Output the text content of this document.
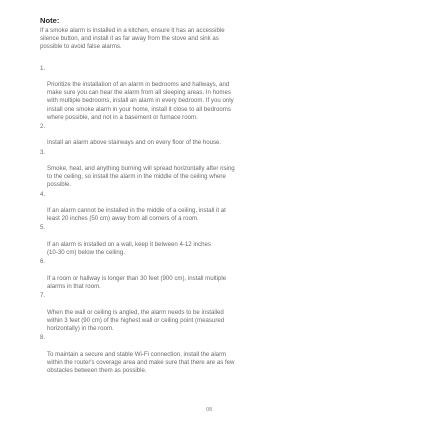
Note:

If a smoke alarm is installed in a kitchen, ensure it has an accessible
silence button, and install it as far away from the stove and sink as
possible to avoid false alarms.

1.

Prioritize the installation of an alarm in bedrooms and hallways, and
make sure you can hear the alarm from all sleeping areas. In homes
with multiple bedrooms, install an alarm in every bedroom. If you only
install one smoke alarm in your home, install it close to all bedrooms
where possible, and not in a basement or furnace room.

2.

Install an alarm above stairways and on every floor of the house.

3.

Smoke, heat, and anything burning will spread horizontally after rising
to the ceiling, so install the alarm in the middle of the ceiling where
possible.

4.

If an alarm cannot be installed in the middle of a ceiling, install it at
least 20 inches (50 cm) away from all corners of a room.

5.

If an alarm is installed on a wall, keep it between 4-12 inches
(10-30 cm) below the ceiling.

6.

If a room or hallway is longer than 30 feet (900 cm), install multiple
alarms in that room.

7.

When the wall or ceiling is angled, the alarm needs to be installed
within 3 feet (90 cm) of the highest wall or ceiling point (measured
horizontally) in the room.

8.

To maintain a secure and stable Wi-Fi connection, install the alarm
within the router's coverage area and make sure that there are as few
obstacles between them as possible.

08
